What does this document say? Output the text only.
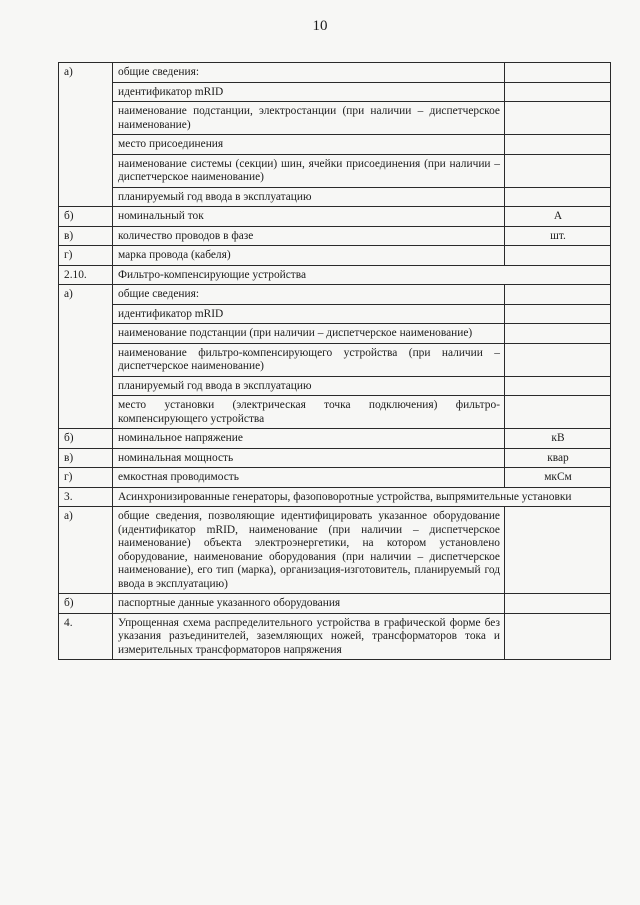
10
а)	общие сведения:	
	идентификатор mRID	
	наименование подстанции, электростанции (при наличии – диспетчерское наименование)	
	место присоединения	
	наименование системы (секции) шин, ячейки присоединения (при наличии – диспетчерское наименование)	
	планируемый год ввода в эксплуатацию	
б)	номинальный ток	А
в)	количество проводов в фазе	шт.
г)	марка провода (кабеля)	
2.10.	Фильтро-компенсирующие устройства	
а)	общие сведения:	
	идентификатор mRID	
	наименование подстанции (при наличии – диспетчерское наименование)	
	наименование фильтро-компенсирующего устройства (при наличии – диспетчерское наименование)	
	планируемый год ввода в эксплуатацию	
	место установки (электрическая точка подключения) фильтро-компенсирующего устройства	
б)	номинальное напряжение	кВ
в)	номинальная мощность	квар
г)	емкостная проводимость	мкСм
3.	Асинхронизированные генераторы, фазоповоротные устройства, выпрямительные установки	
а)	общие сведения, позволяющие идентифицировать указанное оборудование (идентификатор mRID, наименование (при наличии – диспетчерское наименование) объекта электроэнергетики, на котором установлено оборудование, наименование оборудования (при наличии – диспетчерское наименование), его тип (марка), организация-изготовитель, планируемый год ввода в эксплуатацию)	
б)	паспортные данные указанного оборудования	
4.	Упрощенная схема распределительного устройства в графической форме без указания разъединителей, заземляющих ножей, трансформаторов тока и измерительных трансформаторов напряжения	
